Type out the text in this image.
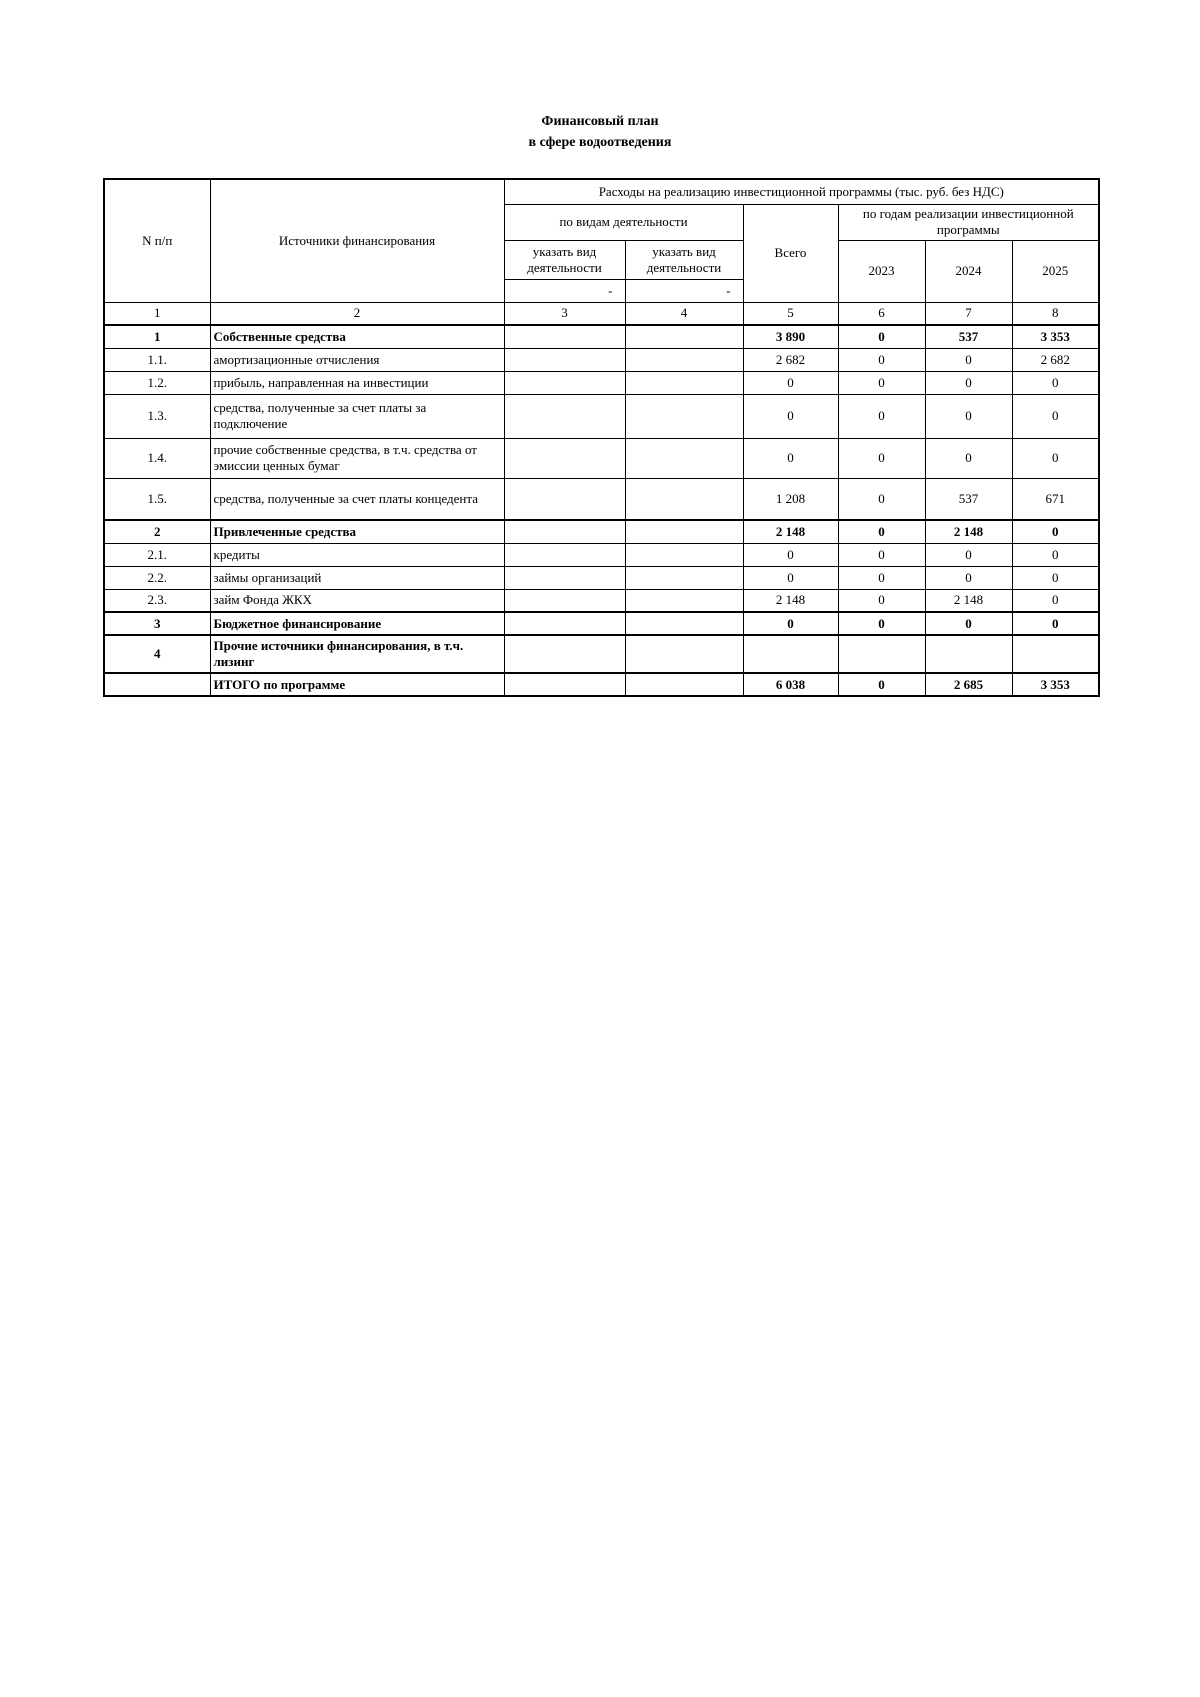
Финансовый план
в сфере водоотведения
N п/п	Источники финансирования	Расходы на реализацию инвестиционной программы (тыс. руб. без НДС)					
		по видам деятельности		Всего	по годам реализации инвестиционной программы		
		указать вид деятельности	указать вид деятельности		2023	2024	2025
		-	-				
1	2	3	4	5	6	7	8
1	Собственные средства			3 890	0	537	3 353
1.1.	амортизационные отчисления			2 682	0	0	2 682
1.2.	прибыль, направленная на инвестиции			0	0	0	0
1.3.	средства, полученные за счет платы за подключение			0	0	0	0
1.4.	прочие собственные средства, в т.ч. средства от эмиссии ценных бумаг			0	0	0	0
1.5.	средства, полученные за счет платы концедента			1 208	0	537	671
2	Привлеченные средства			2 148	0	2 148	0
2.1.	кредиты			0	0	0	0
2.2.	займы организаций			0	0	0	0
2.3.	займ Фонда ЖКХ			2 148	0	2 148	0
3	Бюджетное финансирование			0	0	0	0
4	Прочие источники финансирования, в т.ч. лизинг						
	ИТОГО по программе			6 038	0	2 685	3 353
